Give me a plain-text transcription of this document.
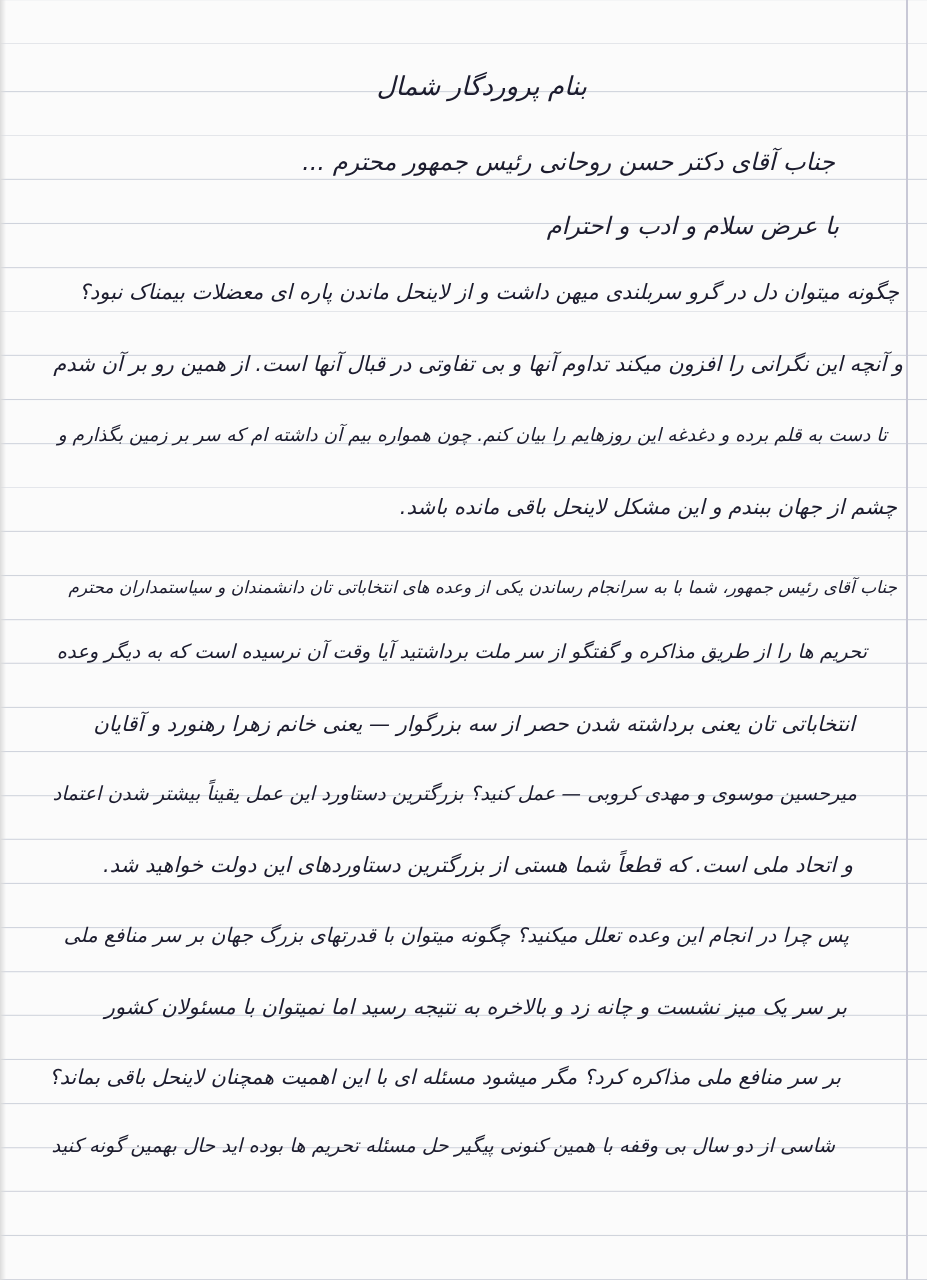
بنام پروردگار شمال
جناب آقای دکتر حسن روحانی رئیس جمهور محترم ...
با عرض سلام و ادب و احترام
چگونه میتوان دل در گرو سربلندی میهن داشت و از لاینحل ماندن پاره ای معضلات بیمناک نبود؟
و آنچه این نگرانی را افزون میکند تداوم آنها و بی تفاوتی در قبال آنها است. از همین رو بر آن شدم
تا دست به قلم برده و دغدغه این روزهایم را بیان کنم. چون همواره بیم آن داشته ام که سر بر زمین بگذارم و
چشم از جهان ببندم و این مشکل لاینحل باقی مانده باشد.
جناب آقای رئیس جمهور، شما با به سرانجام رساندن یکی از وعده های انتخاباتی تان دانشمندان و سیاستمداران محترم
تحریم ها را از طریق مذاکره و گفتگو از سر ملت برداشتید آیا وقت آن نرسیده است که به دیگر وعده
انتخاباتی تان یعنی برداشته شدن حصر از سه بزرگوار — یعنی خانم زهرا رهنورد و آقایان
میرحسین موسوی و مهدی کروبی — عمل کنید؟ بزرگترین دستاورد این عمل یقیناً بیشتر شدن اعتماد
و اتحاد ملی است. که قطعاً شما هستی از بزرگترین دستاوردهای این دولت خواهید شد.
پس چرا در انجام این وعده تعلل میکنید؟ چگونه میتوان با قدرتهای بزرگ جهان بر سر منافع ملی
بر سر یک میز نشست و چانه زد و بالاخره به نتیجه رسید اما نمیتوان با مسئولان کشور
بر سر منافع ملی مذاکره کرد؟ مگر میشود مسئله ای با این اهمیت همچنان لاینحل باقی بماند؟
شاسی از دو سال بی وقفه با همین کنونی پیگیر حل مسئله تحریم ها بوده اید حال بهمین گونه کنید
